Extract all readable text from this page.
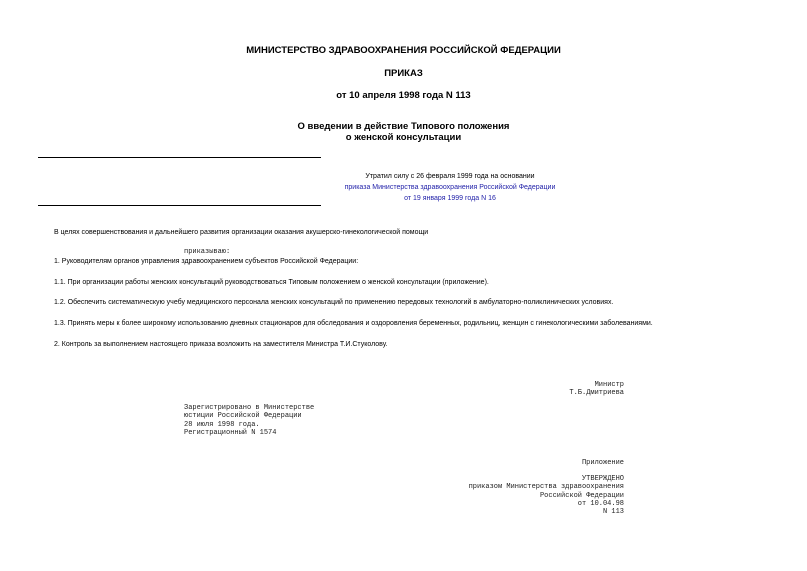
МИНИСТЕРСТВО ЗДРАВООХРАНЕНИЯ РОССИЙСКОЙ ФЕДЕРАЦИИ
ПРИКАЗ
от 10 апреля 1998 года N 113
О введении в действие Типового положения
о женской консультации
Утратил силу с 26 февраля 1999 года на основании
приказа Министерства здравоохранения Российской Федерации
от 19 января 1999 года N 16
В целях совершенствования и дальнейшего развития организации оказания акушерско-гинекологической помощи
приказываю:
1. Руководителям органов управления здравоохранением субъектов Российской Федерации:
1.1. При организации работы женских консультаций руководствоваться Типовым положением о женской консультации (приложение).
1.2. Обеспечить систематическую учебу медицинского персонала женских консультаций по применению передовых технологий в амбулаторно-поликлинических условиях.
1.3. Принять меры к более широкому использованию дневных стационаров для обследования и оздоровления беременных, родильниц, женщин с гинекологическими заболеваниями.
2. Контроль за выполнением настоящего приказа возложить на заместителя Министра Т.И.Стуколову.
Министр
Т.Б.Дмитриева
Зарегистрировано в Министерстве
юстиции Российской Федерации
28 июля 1998 года.
Регистрационный N 1574
Приложение
УТВЕРЖДЕНО
приказом Министерства здравоохранения
Российской Федерации
от 10.04.98
N 113
